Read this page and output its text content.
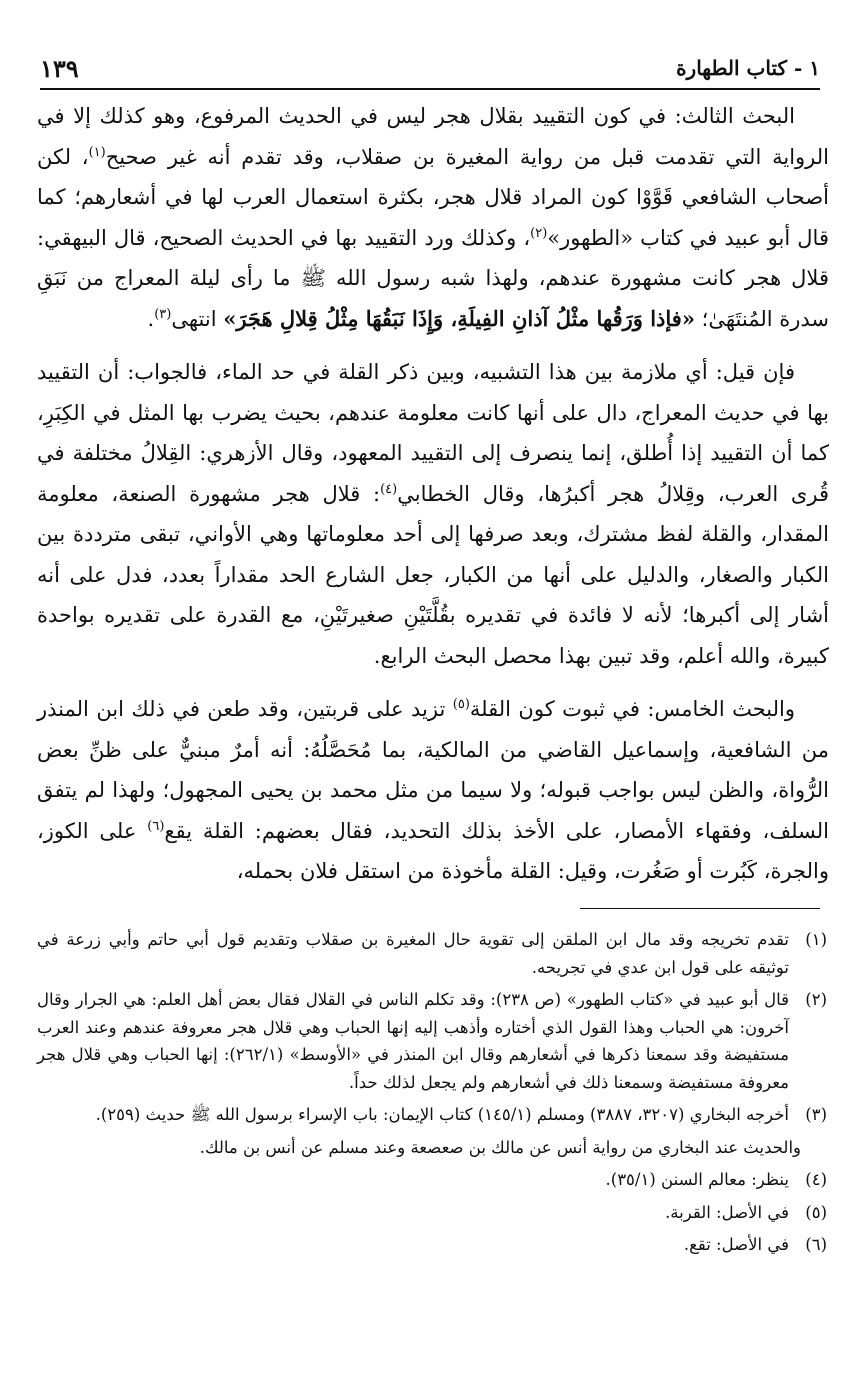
١ - كتاب الطهارة
١٣٩

البحث الثالث: في كون التقييد بقلال هجر ليس في الحديث المرفوع، وهو كذلك إلا في الرواية التي تقدمت قبل من رواية المغيرة بن صقلاب، وقد تقدم أنه غير صحيح$^{(١)}$، لكن أصحاب الشافعي قَوَّوْا كون المراد قلال هجر، بكثرة استعمال العرب لها في أشعارهم؛ كما قال أبو عبيد في كتاب «الطهور»$^{(٢)}$، وكذلك ورد التقييد بها في الحديث الصحيح، قال البيهقي: قلال هجر كانت مشهورة عندهم، ولهذا شبه رسول الله ﷺ ما رأى ليلة المعراج من نَبَقِ سدرة المُنتَهَىٰ؛ «فإذا وَرَقُها مثْلُ آذانِ الفِيلَةِ، وَإِذَا نَبَقُهَا مِثْلُ قِلالِ هَجَرَ» انتهى$^{(٣)}$.

فإن قيل: أي ملازمة بين هذا التشبيه، وبين ذكر القلة في حد الماء، فالجواب: أن التقييد بها في حديث المعراج، دال على أنها كانت معلومة عندهم، بحيث يضرب بها المثل في الكِبَرِ، كما أن التقييد إذا أُطلق، إنما ينصرف إلى التقييد المعهود، وقال الأزهري: القِلالُ مختلفة في قُرى العرب، وقِلالُ هجر أكبرُها، وقال الخطابي$^{(٤)}$: قلال هجر مشهورة الصنعة، معلومة المقدار، والقلة لفظ مشترك، وبعد صرفها إلى أحد معلوماتها وهي الأواني، تبقى مترددة بين الكبار والصغار، والدليل على أنها من الكبار، جعل الشارع الحد مقداراً بعدد، فدل على أنه أشار إلى أكبرها؛ لأنه لا فائدة في تقديره بقُلَّتَيْنِ صغيرتَيْنِ، مع القدرة على تقديره بواحدة كبيرة، والله أعلم، وقد تبين بهذا محصل البحث الرابع.

والبحث الخامس: في ثبوت كون القلة$^{(٥)}$ تزيد على قربتين، وقد طعن في ذلك ابن المنذر من الشافعية، وإسماعيل القاضي من المالكية، بما مُحَصَّلُهُ: أنه أمرٌ مبنيٌّ على ظنِّ بعض الرُّواة، والظن ليس بواجب قبوله؛ ولا سيما من مثل محمد بن يحيى المجهول؛ ولهذا لم يتفق السلف، وفقهاء الأمصار، على الأخذ بذلك التحديد، فقال بعضهم: القلة يقع$^{(٦)}$ على الكوز، والجرة، كَبُرت أو صَغُرت، وقيل: القلة مأخوذة من استقل فلان بحمله،

(١)تقدم تخريجه وقد مال ابن الملقن إلى تقوية حال المغيرة بن صقلاب وتقديم قول أبي حاتم وأبي زرعة في توثيقه على قول ابن عدي في تجريحه.

(٢)قال أبو عبيد في «كتاب الطهور» (ص ٢٣٨): وقد تكلم الناس في القلال فقال بعض أهل العلم: هي الجرار وقال آخرون: هي الحباب وهذا القول الذي أختاره وأذهب إليه إنها الحباب وهي قلال هجر معروفة عندهم وعند العرب مستفيضة وقد سمعنا ذكرها في أشعارهم وقال ابن المنذر في «الأوسط» (٢٦٢/١): إنها الحباب وهي قلال هجر معروفة مستفيضة وسمعنا ذلك في أشعارهم ولم يجعل لذلك حداً.

(٣)أخرجه البخاري (٣٢٠٧، ٣٨٨٧) ومسلم (١٤٥/١) كتاب الإيمان: باب الإسراء برسول الله ﷺ حديث (٢٥٩).

والحديث عند البخاري من رواية أنس عن مالك بن صعصعة وعند مسلم عن أنس بن مالك.

(٤)ينظر: معالم السنن (٣٥/١).

(٥)في الأصل: القربة.

(٦)في الأصل: تقع.
